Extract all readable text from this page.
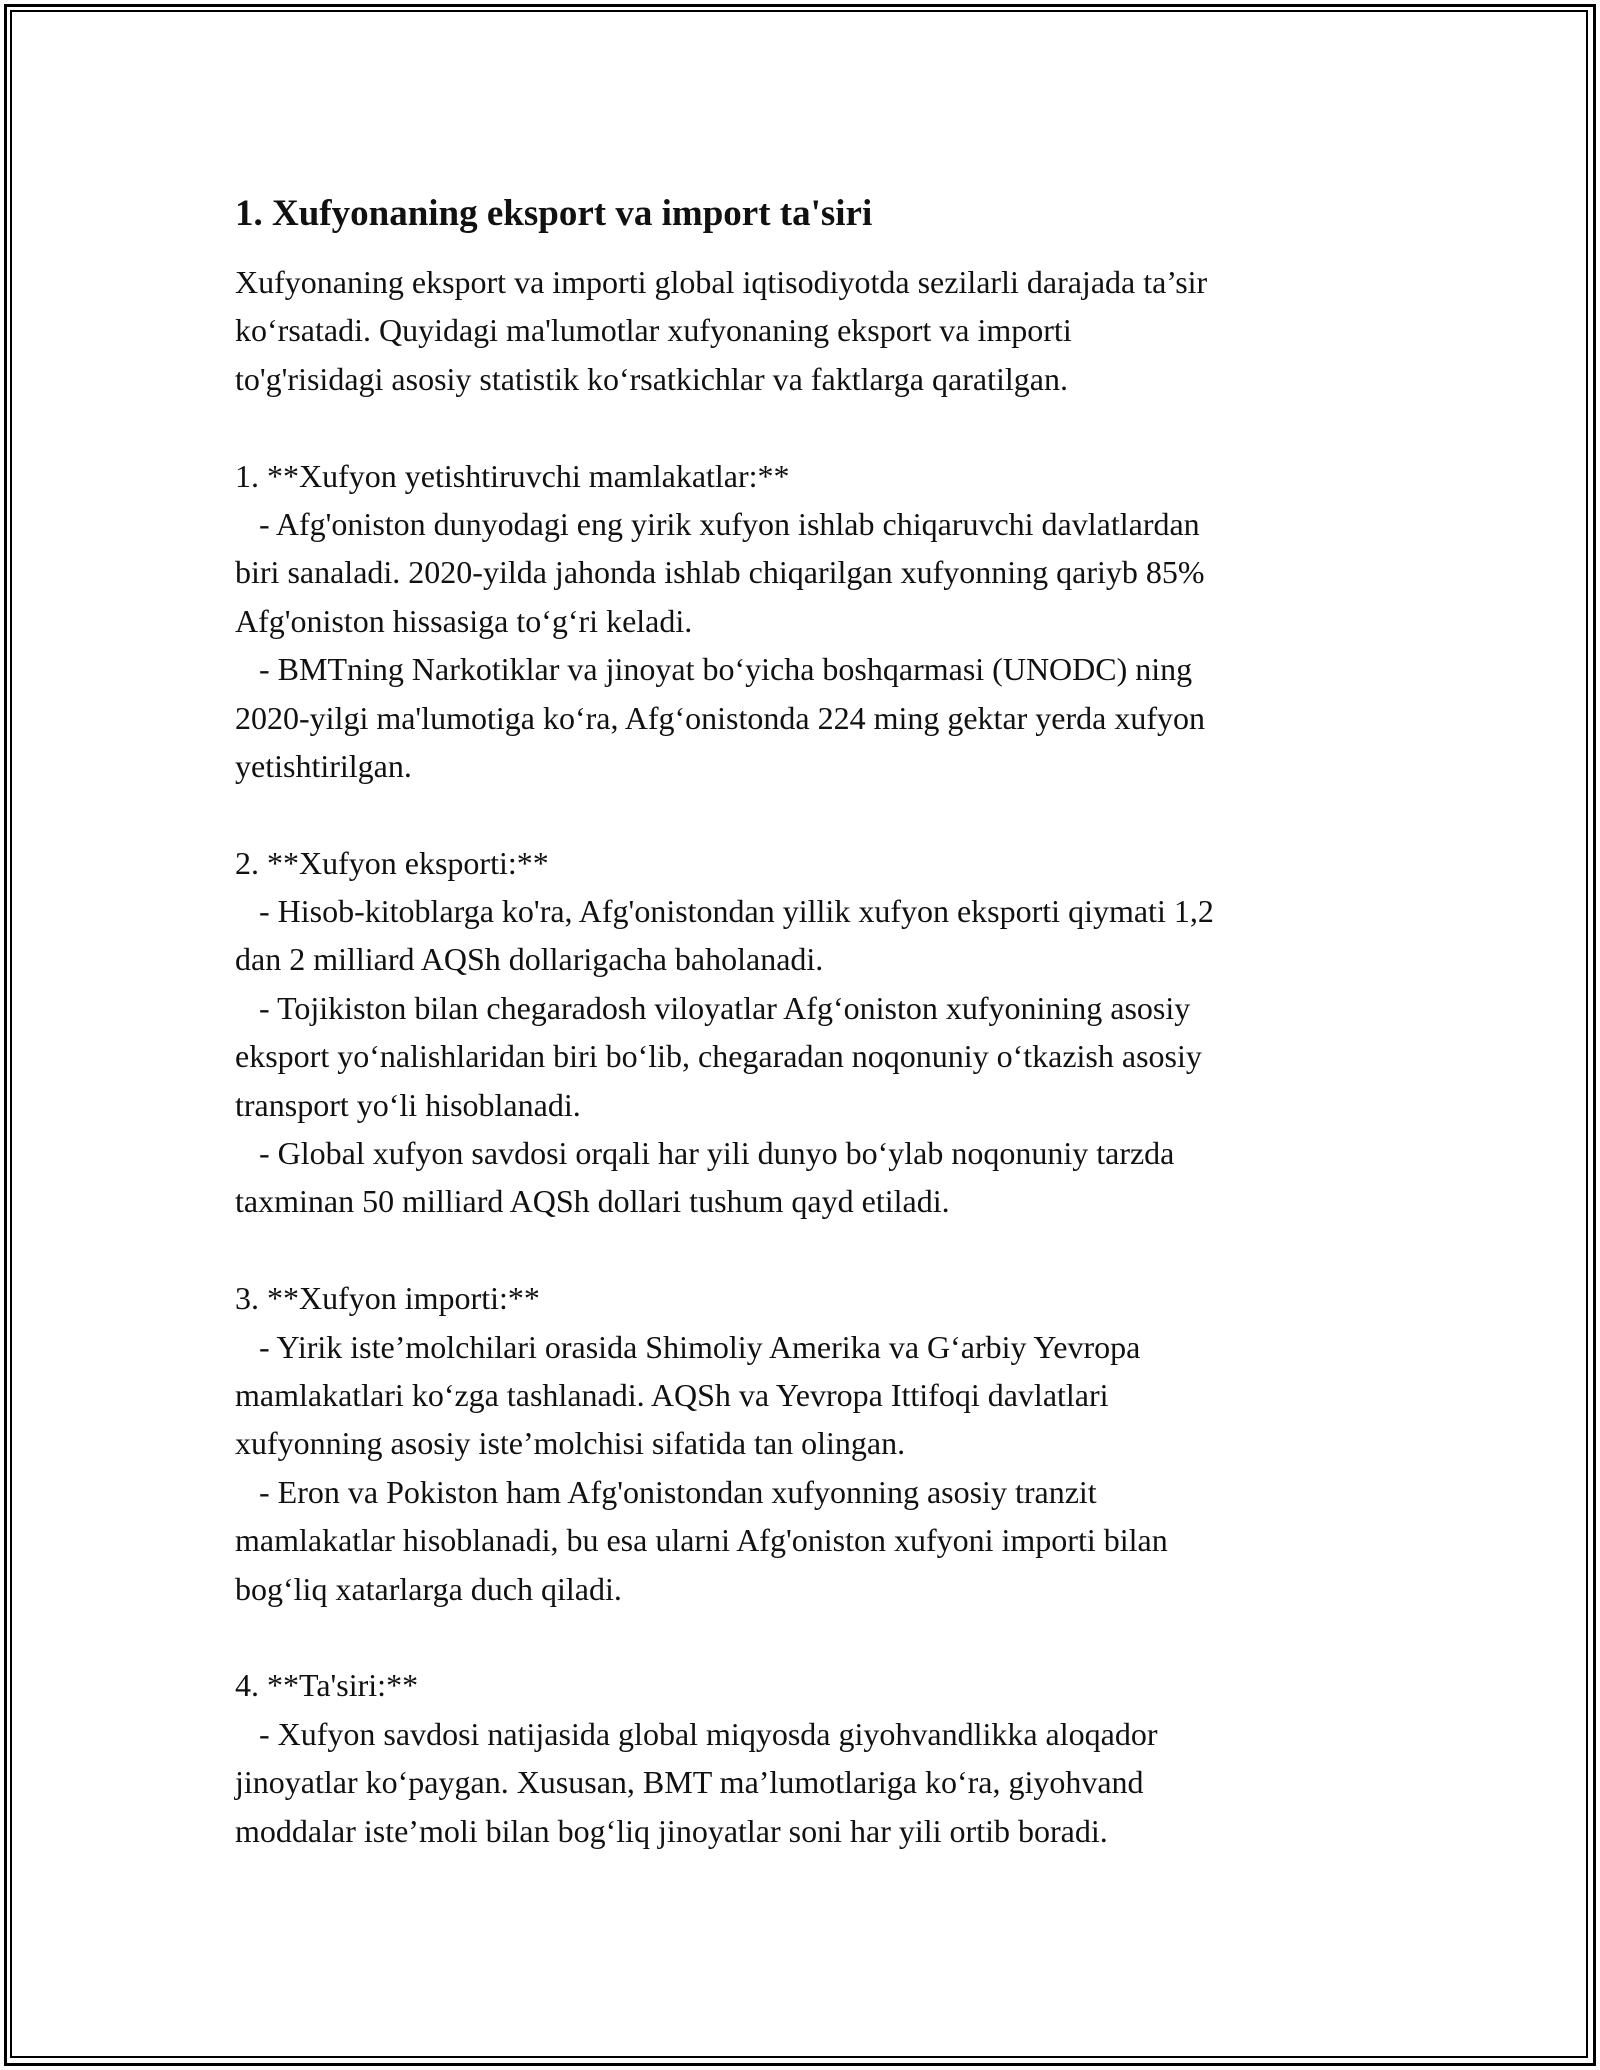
1. Xufyonaning eksport va import ta'siri
Xufyonaning eksport va importi global iqtisodiyotda sezilarli darajada ta’sir
ko‘rsatadi. Quyidagi ma'lumotlar xufyonaning eksport va importi
to'g'risidagi asosiy statistik ko‘rsatkichlar va faktlarga qaratilgan.
1. **Xufyon yetishtiruvchi mamlakatlar:**
- Afg'oniston dunyodagi eng yirik xufyon ishlab chiqaruvchi davlatlardan
biri sanaladi. 2020-yilda jahonda ishlab chiqarilgan xufyonning qariyb 85%
Afg'oniston hissasiga to‘g‘ri keladi.
- BMTning Narkotiklar va jinoyat bo‘yicha boshqarmasi (UNODC) ning
2020-yilgi ma'lumotiga ko‘ra, Afg‘onistonda 224 ming gektar yerda xufyon
yetishtirilgan.
2. **Xufyon eksporti:**
- Hisob-kitoblarga ko'ra, Afg'onistondan yillik xufyon eksporti qiymati 1,2
dan 2 milliard AQSh dollarigacha baholanadi.
- Tojikiston bilan chegaradosh viloyatlar Afg‘oniston xufyonining asosiy
eksport yo‘nalishlaridan biri bo‘lib, chegaradan noqonuniy o‘tkazish asosiy
transport yo‘li hisoblanadi.
- Global xufyon savdosi orqali har yili dunyo bo‘ylab noqonuniy tarzda
taxminan 50 milliard AQSh dollari tushum qayd etiladi.
3. **Xufyon importi:**
- Yirik iste’molchilari orasida Shimoliy Amerika va G‘arbiy Yevropa
mamlakatlari ko‘zga tashlanadi. AQSh va Yevropa Ittifoqi davlatlari
xufyonning asosiy iste’molchisi sifatida tan olingan.
- Eron va Pokiston ham Afg'onistondan xufyonning asosiy tranzit
mamlakatlar hisoblanadi, bu esa ularni Afg'oniston xufyoni importi bilan
bog‘liq xatarlarga duch qiladi.
4. **Ta'siri:**
- Xufyon savdosi natijasida global miqyosda giyohvandlikka aloqador
jinoyatlar ko‘paygan. Xususan, BMT ma’lumotlariga ko‘ra, giyohvand
moddalar iste’moli bilan bog‘liq jinoyatlar soni har yili ortib boradi.
